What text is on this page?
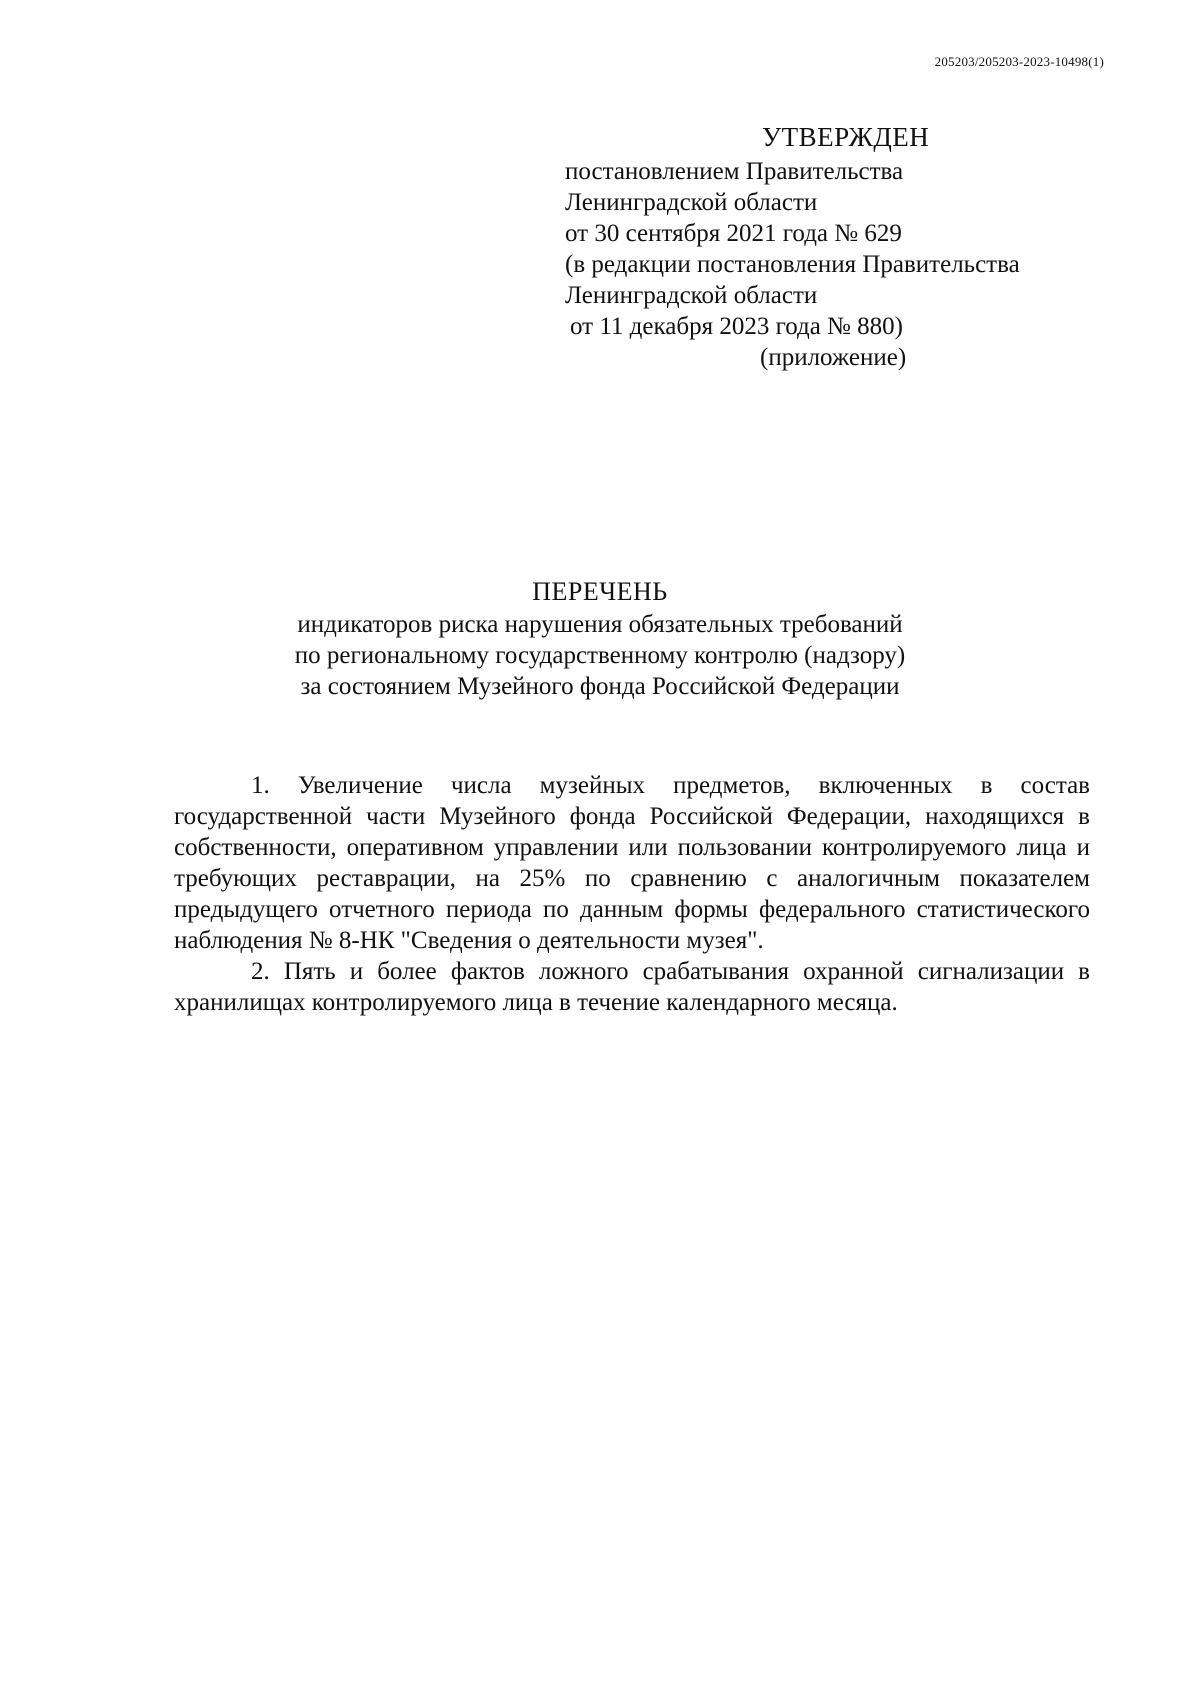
205203/205203-2023-10498(1)
УТВЕРЖДЕН
постановлением Правительства
Ленинградской области
от 30 сентября 2021 года № 629
(в редакции постановления Правительства
Ленинградской области
от 11 декабря 2023 года № 880)
(приложение)
ПЕРЕЧЕНЬ
индикаторов риска нарушения обязательных требований
по региональному государственному контролю (надзору)
за состоянием Музейного фонда Российской Федерации

1. Увеличение числа музейных предметов, включенных в состав государственной части Музейного фонда Российской Федерации, находящихся в собственности, оперативном управлении или пользовании контролируемого лица и требующих реставрации, на 25% по сравнению с аналогичным показателем предыдущего отчетного периода по данным формы федерального статистического наблюдения № 8-НК "Сведения о деятельности музея".

2. Пять и более фактов ложного срабатывания охранной сигнализации в хранилищах контролируемого лица в течение календарного месяца.
